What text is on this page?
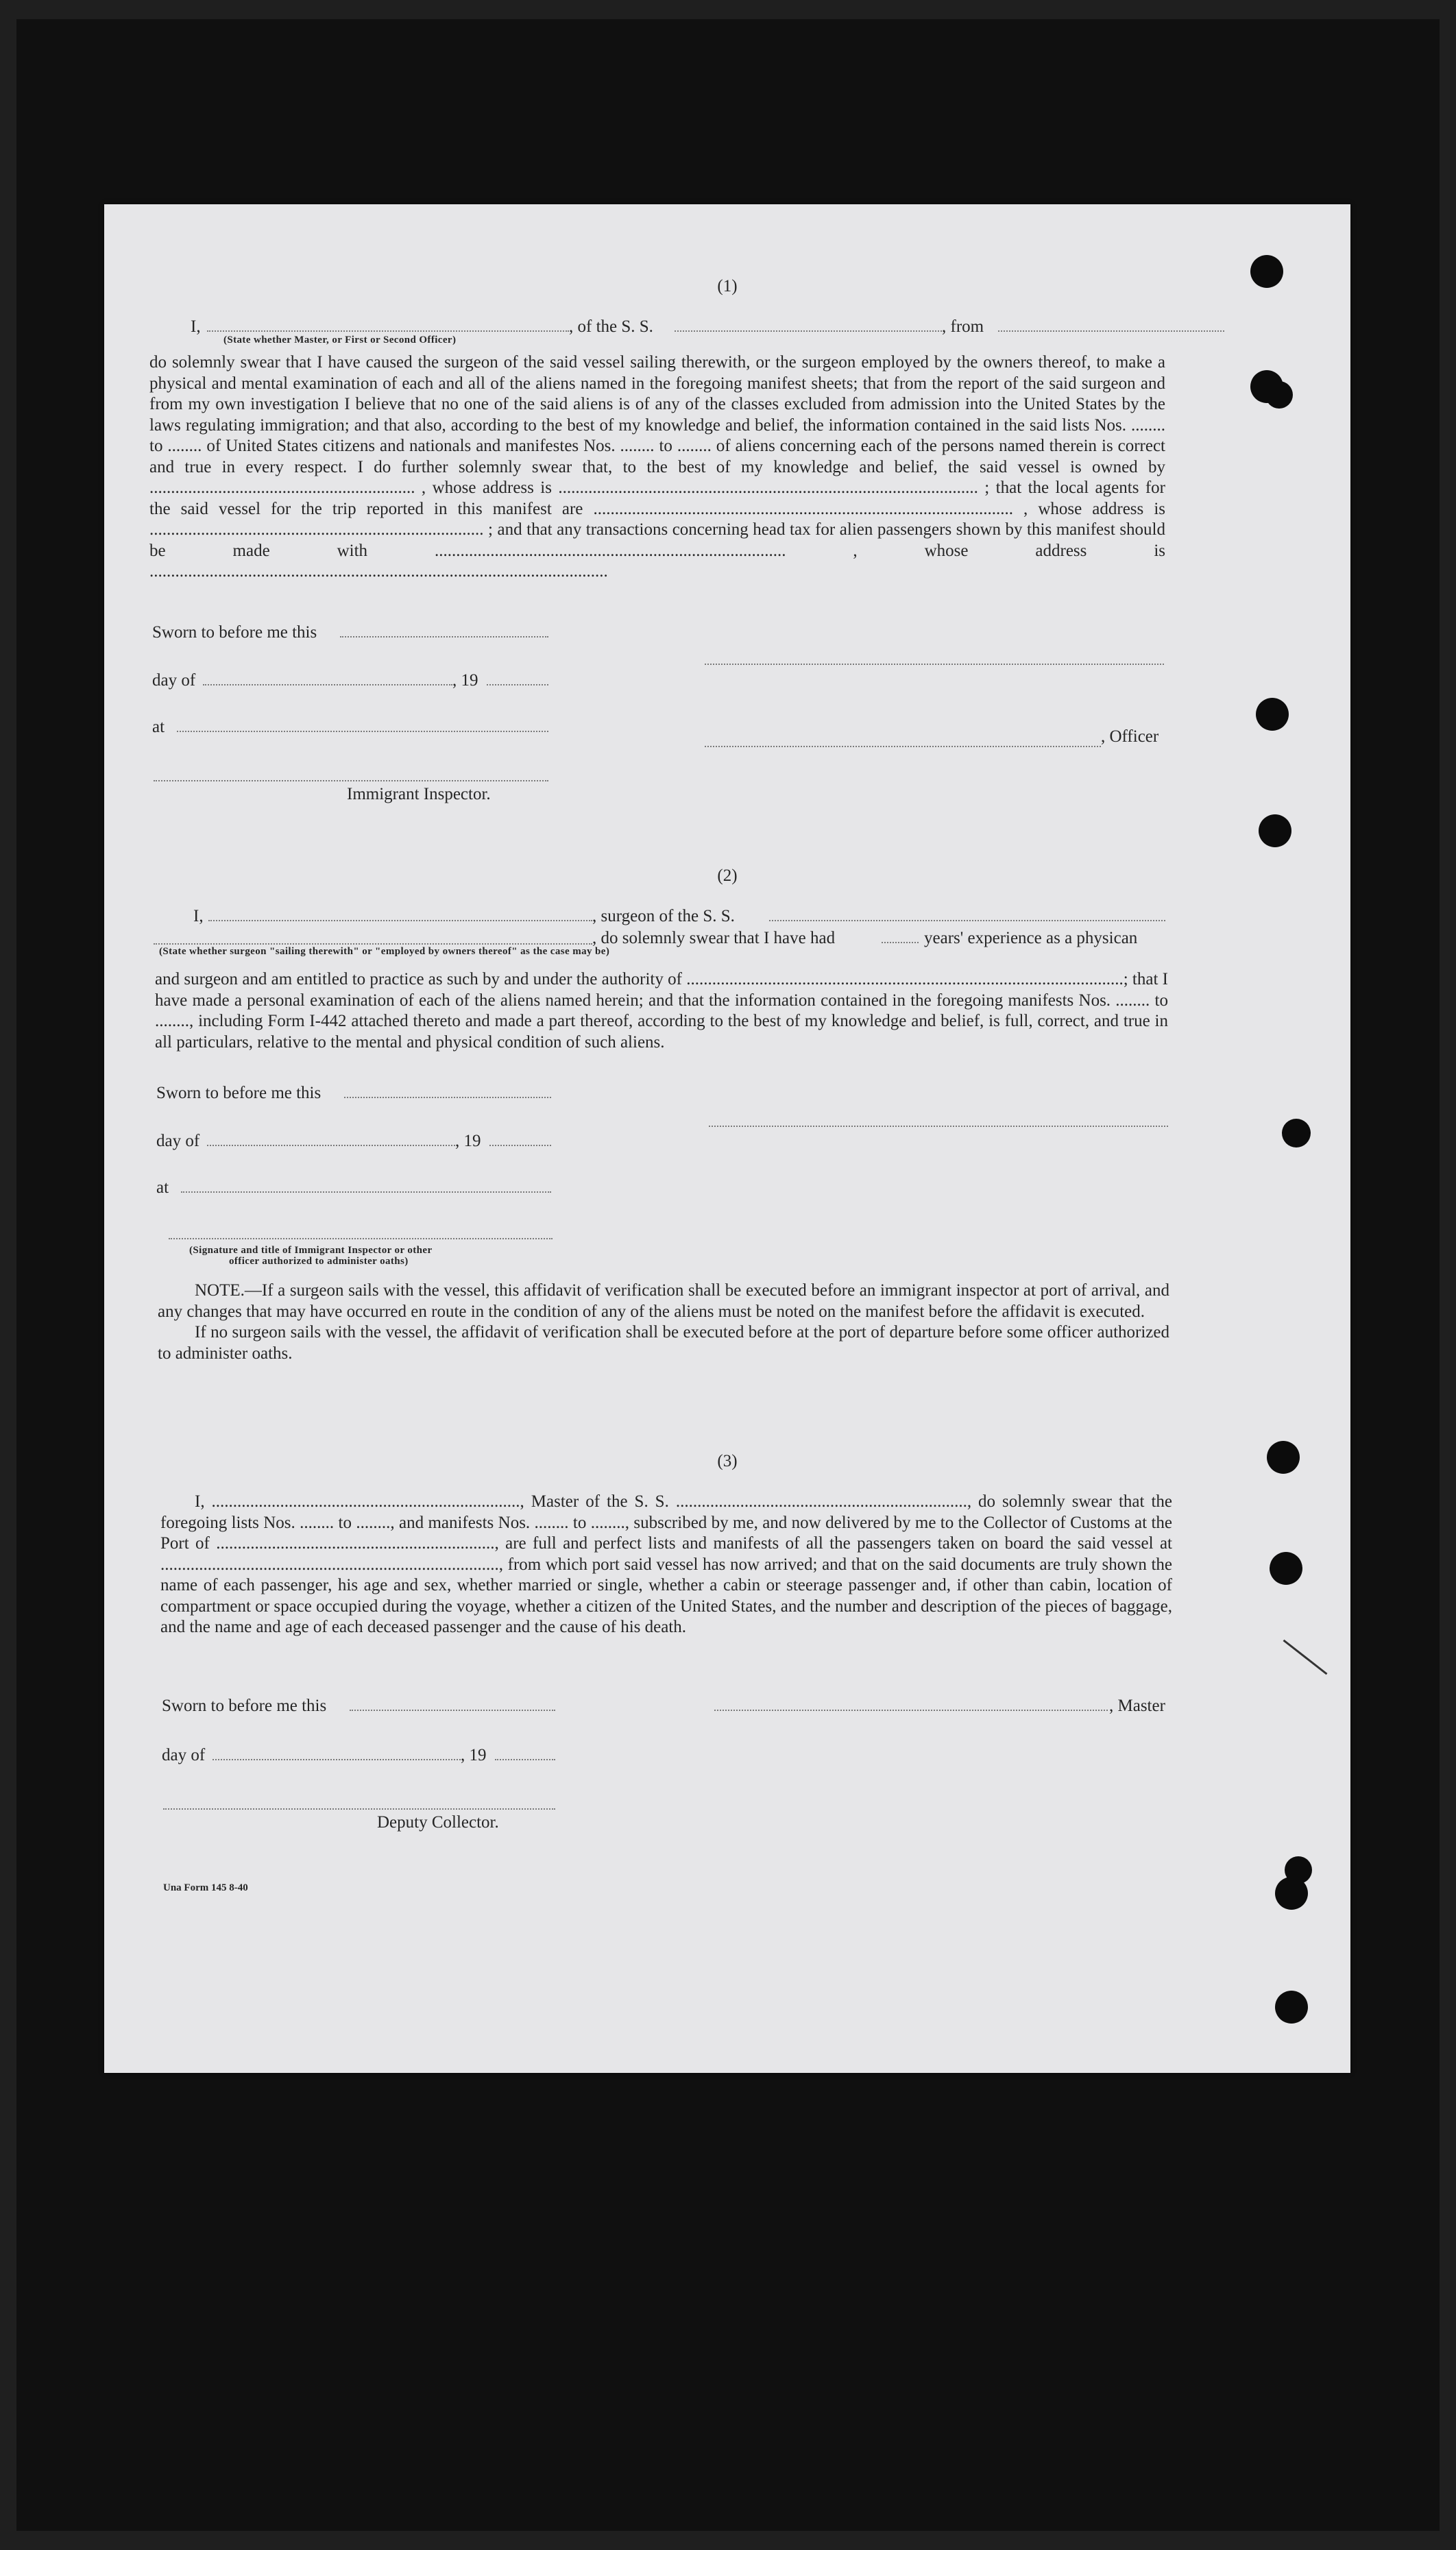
(1)
I,	, of the S. S.	, from
(State whether Master, or First or Second Officer)
do solemnly swear that I have caused the surgeon of the said vessel sailing therewith, or the surgeon employed by the owners thereof, to make a physical and mental examination of each and all of the aliens named in the foregoing manifest sheets; that from the report of the said surgeon and from my own investigation I believe that no one of the said aliens is of any of the classes excluded from admission into the United States by the laws regulating immigration; and that also, according to the best of my knowledge and belief, the information contained in the said lists Nos. ........ to ........ of United States citizens and nationals and manifestes Nos. ........ to ........ of aliens concerning each of the persons named therein is correct and true in every respect. I do further solemnly swear that, to the best of my knowledge and belief, the said vessel is owned by .............................................................. , whose address is .................................................................................................. ; that the local agents for the said vessel for the trip reported in this manifest are .................................................................................................. , whose address is .............................................................................. ; and that any transactions concerning head tax for alien passengers shown by this manifest should be made with .................................................................................. , whose address is ...........................................................................................................
Sworn to before me this
day of	, 19
at
, Officer
Immigrant Inspector.
(2)
I,	, surgeon of the S. S.
, do solemnly swear that I have had	years' experience as a physican
(State whether surgeon "sailing therewith" or "employed by owners thereof" as the case may be)
and surgeon and am entitled to practice as such by and under the authority of ......................................................................................................; that I have made a personal examination of each of the aliens named herein; and that the information contained in the foregoing manifests Nos. ........ to ........, including Form I-442 attached thereto and made a part thereof, according to the best of my knowledge and belief, is full, correct, and true in all particulars, relative to the mental and physical condition of such aliens.
Sworn to before me this
day of	, 19
at
(Signature and title of Immigrant Inspector or other
officer authorized to administer oaths)

NOTE.—If a surgeon sails with the vessel, this affidavit of verification shall be executed before an immigrant inspector at port of arrival, and any changes that may have occurred en route in the condition of any of the aliens must be noted on the manifest before the affidavit is executed.

If no surgeon sails with the vessel, the affidavit of verification shall be executed before at the port of departure before some officer authorized to administer oaths.

(3)
I, ........................................................................, Master of the S. S. ...................................................................., do solemnly swear that the foregoing lists Nos. ........ to ........, and manifests Nos. ........ to ........, subscribed by me, and now delivered by me to the Collector of Customs at the Port of ................................................................., are full and perfect lists and manifests of all the passengers taken on board the said vessel at ..............................................................................., from which port said vessel has now arrived; and that on the said documents are truly shown the name of each passenger, his age and sex, whether married or single, whether a cabin or steerage passenger and, if other than cabin, location of compartment or space occupied during the voyage, whether a citizen of the United States, and the number and description of the pieces of baggage, and the name and age of each deceased passenger and the cause of his death.
Sworn to before me this	, Master
day of	, 19
Deputy Collector.
Una Form 145 8-40
